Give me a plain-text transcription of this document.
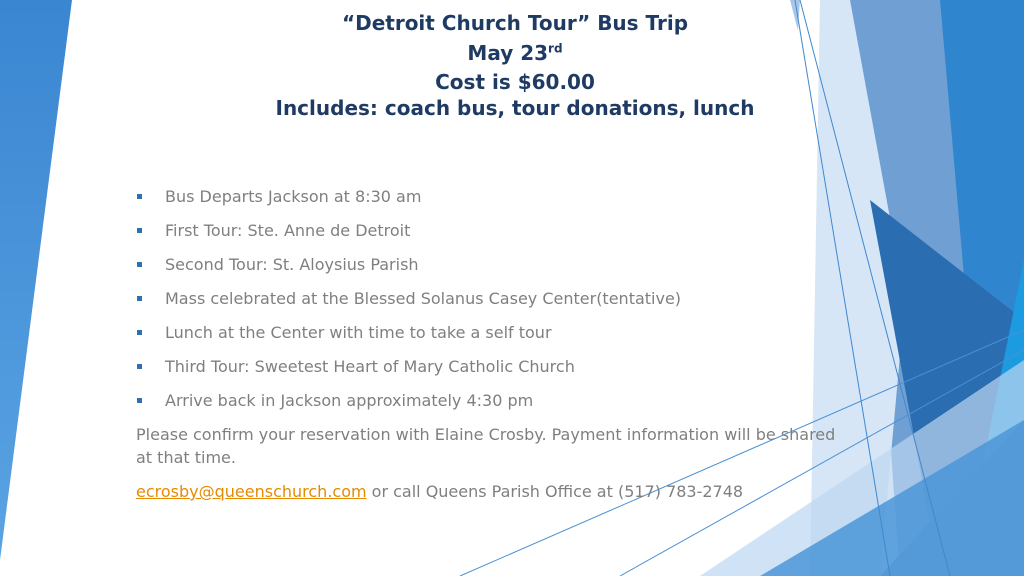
“Detroit Church Tour” Bus Trip
May 23rd
Cost is $60.00
Includes: coach bus, tour donations, lunch
Bus Departs Jackson at 8:30 am
First Tour: Ste. Anne de Detroit
Second Tour: St. Aloysius Parish
Mass celebrated at the Blessed Solanus Casey Center(tentative)
Lunch at the Center with time to take a self tour
Third Tour: Sweetest Heart of Mary Catholic Church
Arrive back in Jackson approximately 4:30 pm

Please confirm your reservation with Elaine Crosby. Payment information will be shared at that time.

ecrosby@queenschurch.com or call Queens Parish Office at (517) 783-2748
